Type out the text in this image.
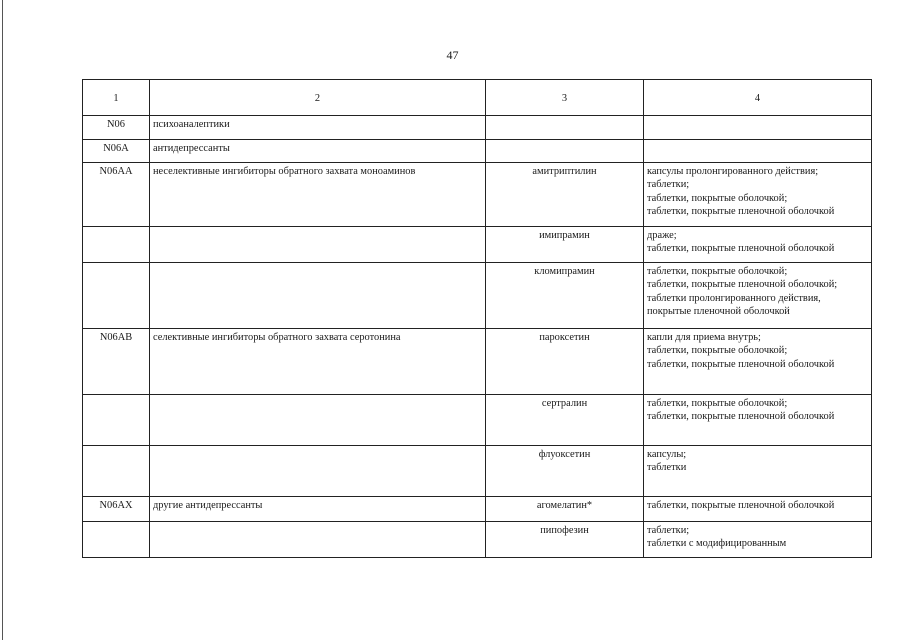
47
1	2	3	4
N06	психоаналептики		
N06A	антидепрессанты		
N06AA	неселективные ингибиторы обратного захвата моноаминов	амитриптилин	капсулы пролонгированного действия;
таблетки;
таблетки, покрытые оболочкой;
таблетки, покрытые пленочной оболочкой

		имипрамин	драже;
таблетки, покрытые пленочной оболочкой

		кломипрамин	таблетки, покрытые оболочкой;
таблетки, покрытые пленочной оболочкой;
таблетки пролонгированного действия,
покрытые пленочной оболочкой

N06AB	селективные ингибиторы обратного захвата серотонина	пароксетин	капли для приема внутрь;
таблетки, покрытые оболочкой;
таблетки, покрытые пленочной оболочкой

		сертралин	таблетки, покрытые оболочкой;
таблетки, покрытые пленочной оболочкой

		флуоксетин	капсулы;
таблетки

N06AX	другие антидепрессанты	агомелатин*	таблетки, покрытые пленочной оболочкой

		пипофезин	таблетки;
таблетки с модифицированным
